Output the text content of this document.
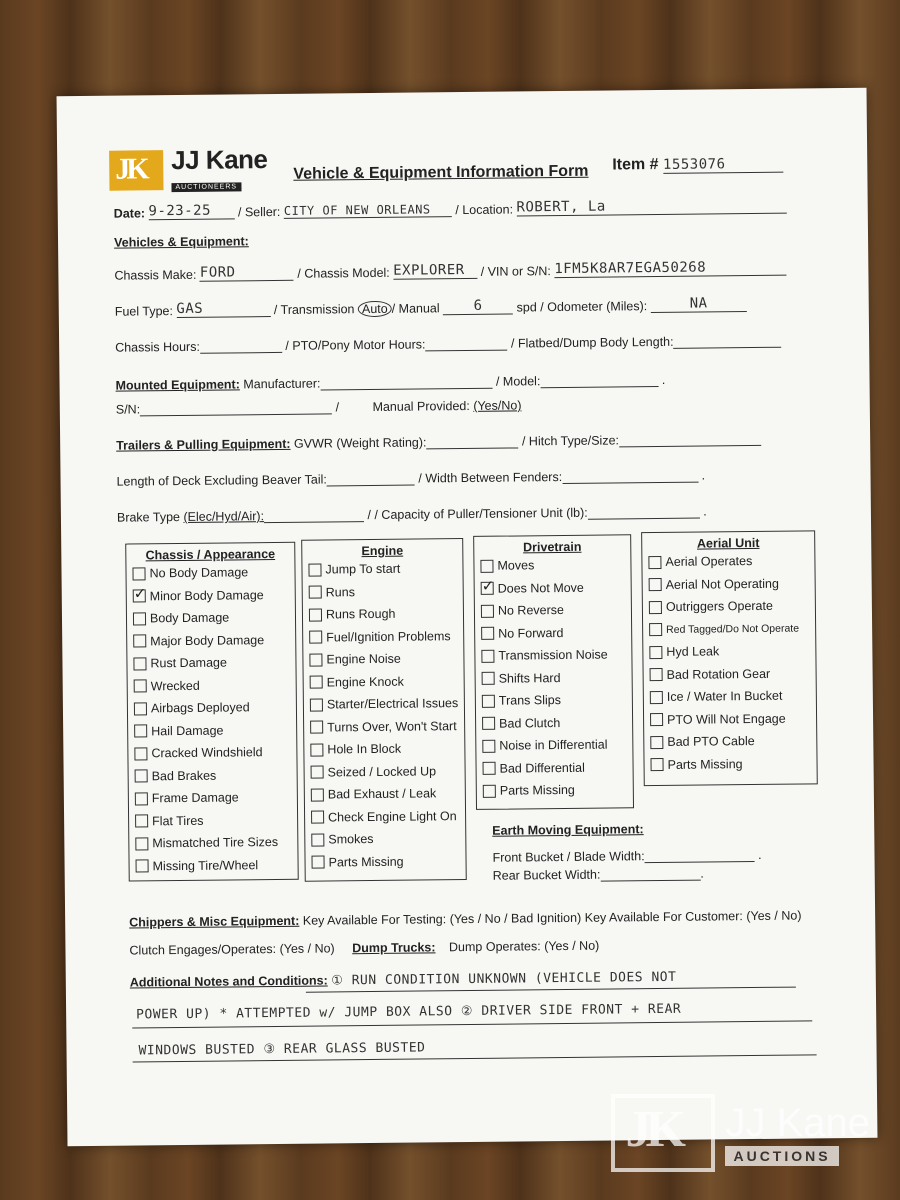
JK JJ Kane
AUCTIONEERS
Vehicle & Equipment Information Form Item # 1553076
Date: 9-23-25 / Seller: CITY OF NEW ORLEANS / Location: ROBERT, La
Vehicles & Equipment:
Chassis Make: FORD	/ Chassis Model: EXPLORER / VIN or S/N: 1FM5K8AR7EGA50268
Fuel Type: GAS	/ Transmission Auto / Manual 6	spd / Odometer (Miles):	NA
Chassis Hours:	/ PTO/Pony Motor Hours:	/ Flatbed/Dump Body Length:
Mounted Equipment: Manufacturer:	/ Model:	.
S/N:	/ Manual Provided: (Yes/No)
Trailers & Pulling Equipment: GVWR (Weight Rating):	/ Hitch Type/Size:
Length of Deck Excluding Beaver Tail:	/ Width Between Fenders:	.
Brake Type (Elec/Hyd/Air):	/ / Capacity of Puller/Tensioner Unit (lb):	.
Chassis / Appearance
No Body Damage
✓
Minor Body Damage
Body Damage
Major Body Damage
Rust Damage
Wrecked
Airbags Deployed
Hail Damage
Cracked Windshield
Bad Brakes
Frame Damage
Flat Tires
Mismatched Tire Sizes
Missing Tire/Wheel
Engine
Jump To start
Runs
Runs Rough
Fuel/Ignition Problems
Engine Noise
Engine Knock
Starter/Electrical Issues
Turns Over, Won't Start
Hole In Block
Seized / Locked Up
Bad Exhaust / Leak
Check Engine Light On
Smokes
Parts Missing
Drivetrain
Moves
✓
Does Not Move
No Reverse
No Forward
Transmission Noise
Shifts Hard
Trans Slips
Bad Clutch
Noise in Differential
Bad Differential
Parts Missing
Aerial Unit
Aerial Operates
Aerial Not Operating
Outriggers Operate
Red Tagged/Do Not Operate
Hyd Leak
Bad Rotation Gear
Ice / Water In Bucket
PTO Will Not Engage
Bad PTO Cable
Parts Missing
Earth Moving Equipment:
Front Bucket / Blade Width:	.
Rear Bucket Width:	.
Chippers & Misc Equipment: Key Available For Testing: (Yes / No / Bad Ignition) Key Available For Customer: (Yes / No)
Clutch Engages/Operates: (Yes / No) Dump Trucks: Dump Operates: (Yes / No)
Additional Notes and Conditions: ① RUN CONDITION UNKNOWN (VEHICLE DOES NOT
POWER UP) * ATTEMPTED w/ JUMP BOX ALSO ② DRIVER SIDE FRONT + REAR
WINDOWS BUSTED ③ REAR GLASS BUSTED
JK JJ Kane
AUCTIONS
